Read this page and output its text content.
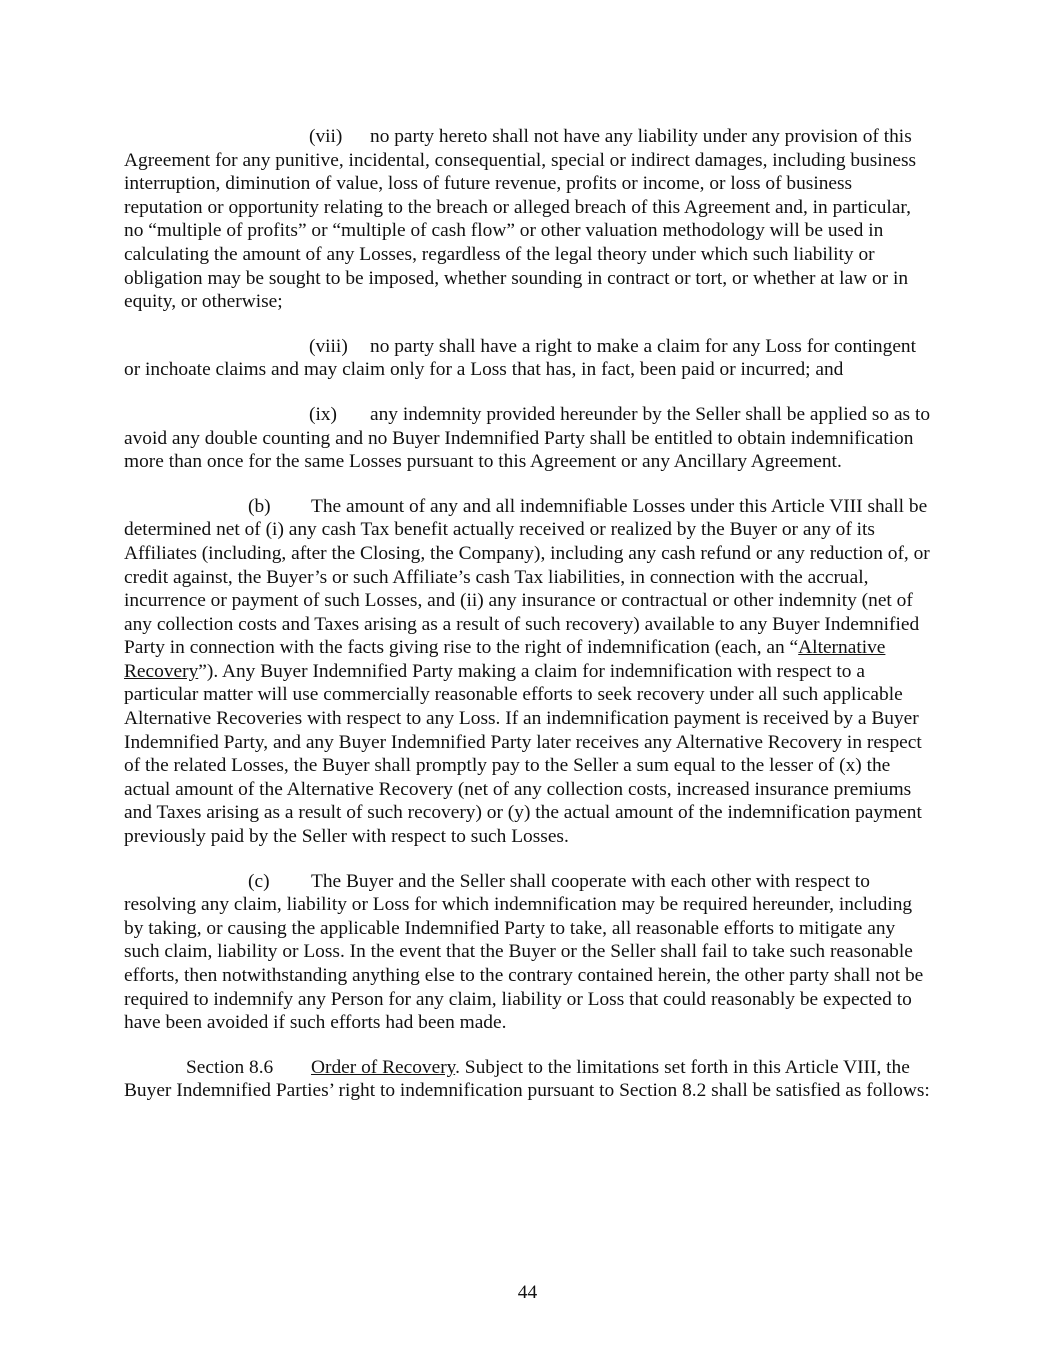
(vii) no party hereto shall not have any liability under any provision of this Agreement for any punitive, incidental, consequential, special or indirect damages, including business interruption, diminution of value, loss of future revenue, profits or income, or loss of business reputation or opportunity relating to the breach or alleged breach of this Agreement and, in particular, no “multiple of profits” or “multiple of cash flow” or other valuation methodology will be used in calculating the amount of any Losses, regardless of the legal theory under which such liability or obligation may be sought to be imposed, whether sounding in contract or tort, or whether at law or in equity, or otherwise;

(viii) no party shall have a right to make a claim for any Loss for contingent or inchoate claims and may claim only for a Loss that has, in fact, been paid or incurred; and

(ix) any indemnity provided hereunder by the Seller shall be applied so as to avoid any double counting and no Buyer Indemnified Party shall be entitled to obtain indemnification more than once for the same Losses pursuant to this Agreement or any Ancillary Agreement.

(b) The amount of any and all indemnifiable Losses under this Article VIII shall be determined net of (i) any cash Tax benefit actually received or realized by the Buyer or any of its Affiliates (including, after the Closing, the Company), including any cash refund or any reduction of, or credit against, the Buyer’s or such Affiliate’s cash Tax liabilities, in connection with the accrual, incurrence or payment of such Losses, and (ii) any insurance or contractual or other indemnity (net of any collection costs and Taxes arising as a result of such recovery) available to any Buyer Indemnified Party in connection with the facts giving rise to the right of indemnification (each, an “Alternative Recovery”). Any Buyer Indemnified Party making a claim for indemnification with respect to a particular matter will use commercially reasonable efforts to seek recovery under all such applicable Alternative Recoveries with respect to any Loss. If an indemnification payment is received by a Buyer Indemnified Party, and any Buyer Indemnified Party later receives any Alternative Recovery in respect of the related Losses, the Buyer shall promptly pay to the Seller a sum equal to the lesser of (x) the actual amount of the Alternative Recovery (net of any collection costs, increased insurance premiums and Taxes arising as a result of such recovery) or (y) the actual amount of the indemnification payment previously paid by the Seller with respect to such Losses.

(c) The Buyer and the Seller shall cooperate with each other with respect to resolving any claim, liability or Loss for which indemnification may be required hereunder, including by taking, or causing the applicable Indemnified Party to take, all reasonable efforts to mitigate any such claim, liability or Loss. In the event that the Buyer or the Seller shall fail to take such reasonable efforts, then notwithstanding anything else to the contrary contained herein, the other party shall not be required to indemnify any Person for any claim, liability or Loss that could reasonably be expected to have been avoided if such efforts had been made.

Section 8.6 Order of Recovery. Subject to the limitations set forth in this Article VIII, the Buyer Indemnified Parties’ right to indemnification pursuant to Section 8.2 shall be satisfied as follows:

44
